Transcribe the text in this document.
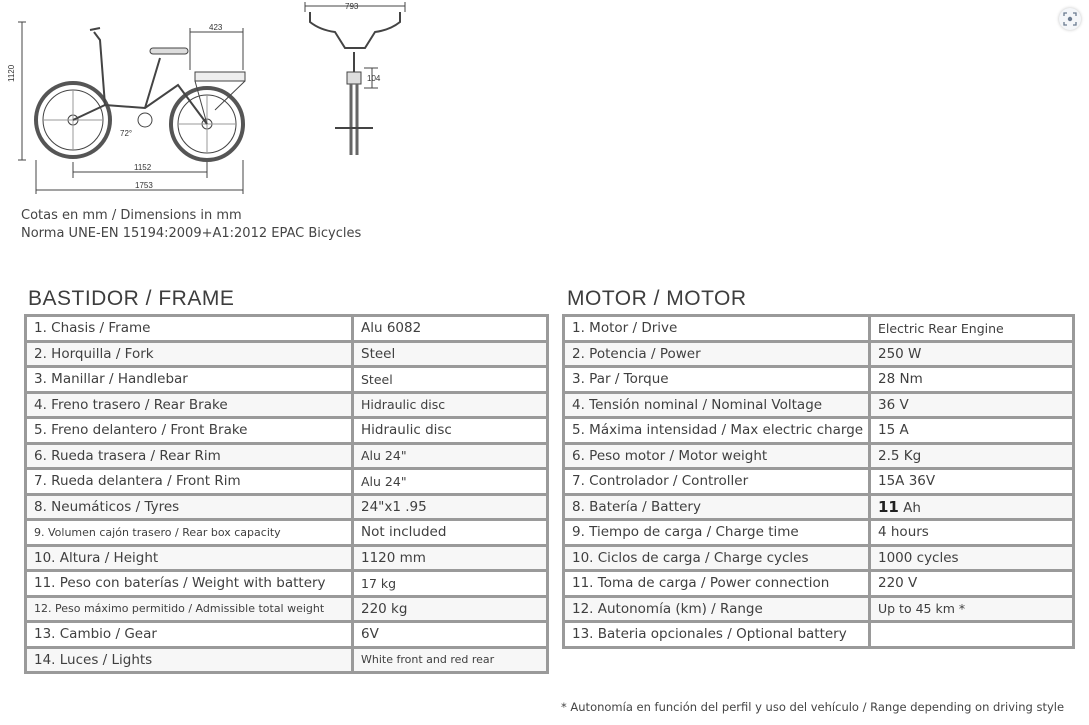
1120
423
1152
1753
72°
793
104
Cotas en mm / Dimensions in mm
Norma UNE-EN 15194:2009+A1:2012 EPAC Bicycles
BASTIDOR / FRAME
1. Chasis / Frame	Alu 6082
2. Horquilla / Fork	Steel
3. Manillar / Handlebar	Steel
4. Freno trasero / Rear Brake	Hidraulic disc
5. Freno delantero / Front Brake	Hidraulic disc
6. Rueda trasera / Rear Rim	Alu 24"
7. Rueda delantera / Front Rim	Alu 24"
8. Neumáticos / Tyres	24"x1 .95
9. Volumen cajón trasero / Rear box capacity	Not included
10. Altura / Height	1120 mm
11. Peso con baterías / Weight with battery	17 kg
12. Peso máximo permitido / Admissible total weight	220 kg
13. Cambio / Gear	6V
14. Luces / Lights	White front and red rear
MOTOR / MOTOR
1. Motor / Drive	Electric Rear Engine
2. Potencia / Power	250 W
3. Par / Torque	28 Nm
4. Tensión nominal / Nominal Voltage	36 V
5. Máxima intensidad / Max electric charge	15 A
6. Peso motor / Motor weight	2.5 Kg
7. Controlador / Controller	15A 36V
8. Batería / Battery	11 Ah
9. Tiempo de carga / Charge time	4 hours
10. Ciclos de carga / Charge cycles	1000 cycles
11. Toma de carga / Power connection	220 V
12. Autonomía (km) / Range	Up to 45 km *
13. Bateria opcionales / Optional battery	
* Autonomía en función del perfil y uso del vehículo / Range depending on driving style
